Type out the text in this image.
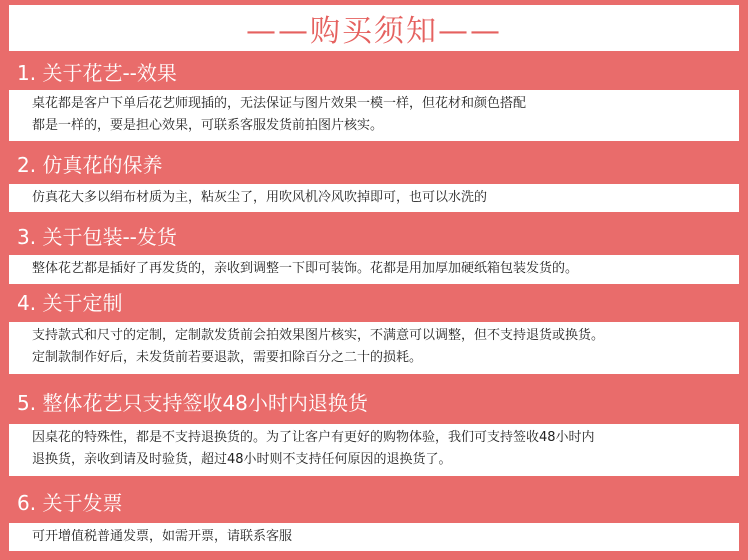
——购买须知——
1. 关于花艺--效果
桌花都是客户下单后花艺师现插的，无法保证与图片效果一模一样，但花材和颜色搭配
都是一样的，要是担心效果，可联系客服发货前拍图片核实。
2. 仿真花的保养
仿真花大多以绢布材质为主，粘灰尘了，用吹风机冷风吹掉即可，也可以水洗的
3. 关于包装--发货
整体花艺都是插好了再发货的，亲收到调整一下即可装饰。花都是用加厚加硬纸箱包装发货的。
4. 关于定制
支持款式和尺寸的定制，定制款发货前会拍效果图片核实，不满意可以调整，但不支持退货或换货。
定制款制作好后，未发货前若要退款，需要扣除百分之二十的损耗。
5. 整体花艺只支持签收48小时内退换货
因桌花的特殊性，都是不支持退换货的。为了让客户有更好的购物体验，我们可支持签收48小时内
退换货，亲收到请及时验货，超过48小时则不支持任何原因的退换货了。
6. 关于发票
可开增值税普通发票，如需开票，请联系客服
